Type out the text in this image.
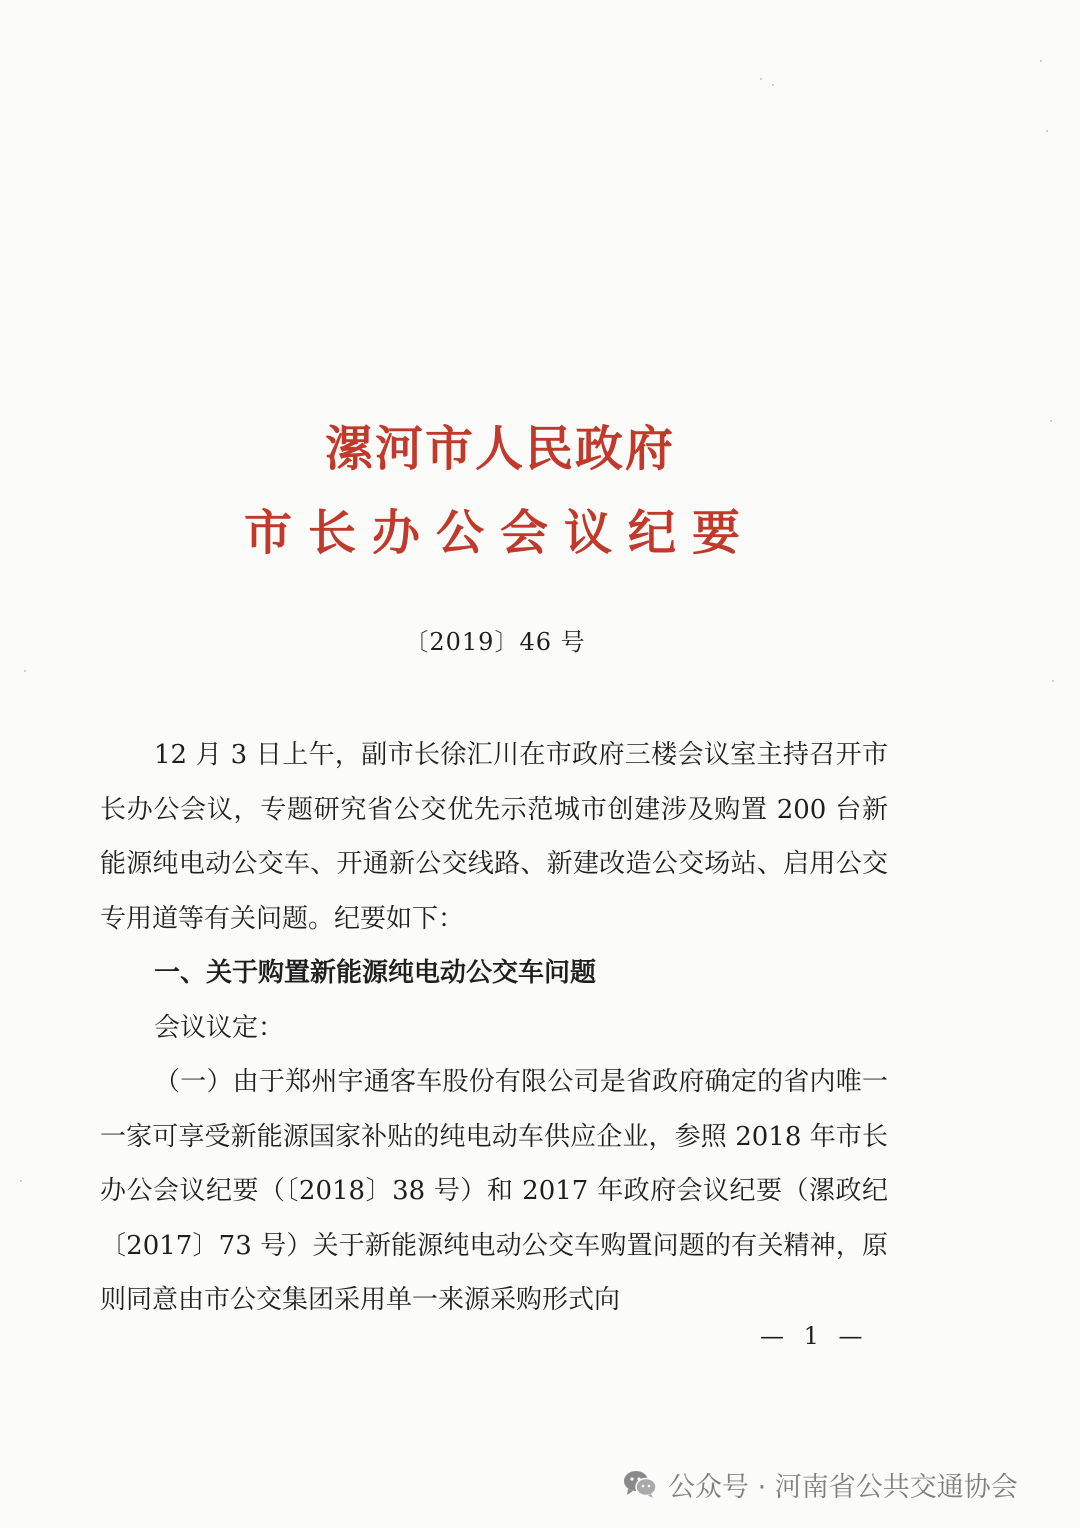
漯河市人民政府
市长办公会议纪要
〔2019〕46 号

12 月 3 日上午，副市长徐汇川在市政府三楼会议室主持召开市长办公会议，专题研究省公交优先示范城市创建涉及购置 200 台新能源纯电动公交车、开通新公交线路、新建改造公交场站、启用公交专用道等有关问题。纪要如下：

一、关于购置新能源纯电动公交车问题

会议议定：

（一）由于郑州宇通客车股份有限公司是省政府确定的省内唯一一家可享受新能源国家补贴的纯电动车供应企业，参照 2018 年市长办公会议纪要（〔2018〕38 号）和 2017 年政府会议纪要（漯政纪〔2017〕73 号）关于新能源纯电动公交车购置问题的有关精神，原则同意由市公交集团采用单一来源采购形式向

— 1 —
公众号 · 河南省公共交通协会
